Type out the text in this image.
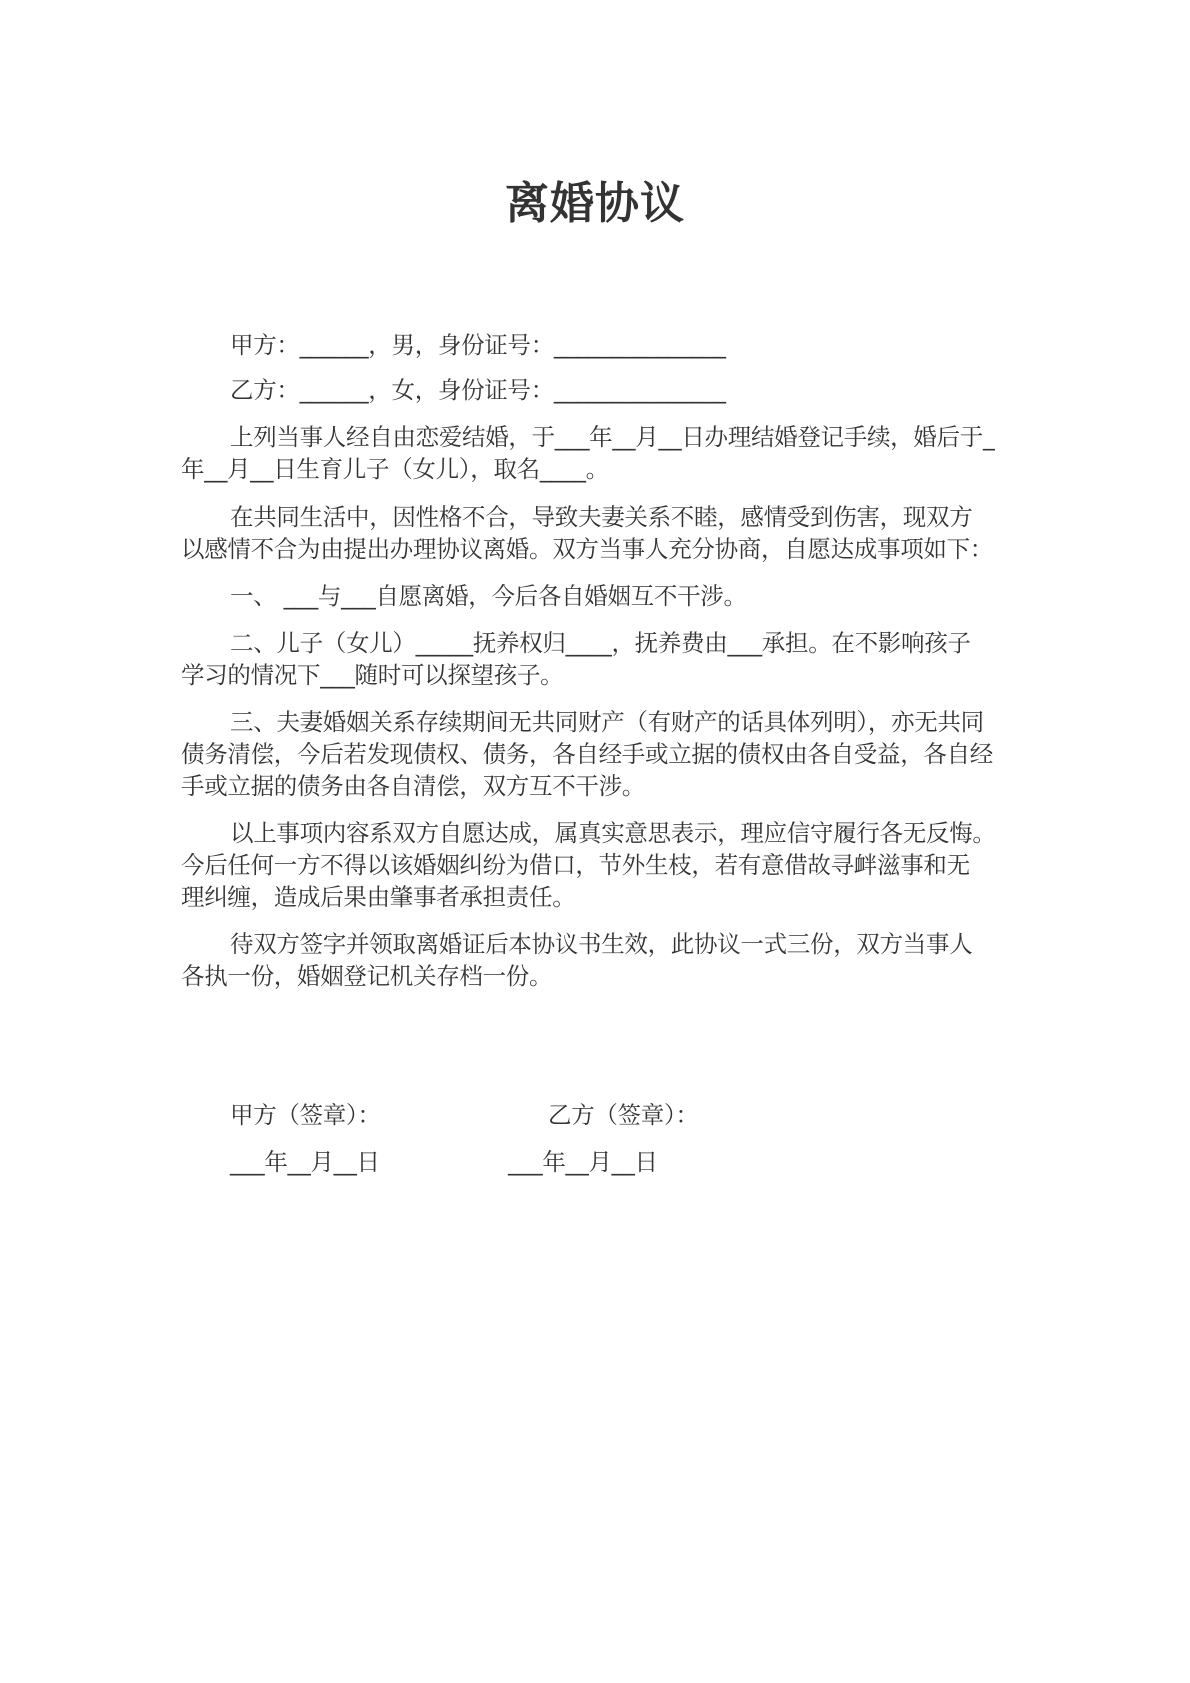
离婚协议
甲方：______，男，身份证号：_______________
乙方：______，女，身份证号：_______________
上列当事人经自由恋爱结婚，于___年__月__日办理结婚登记手续，婚后于_
年__月__日生育儿子（女儿），取名____。
在共同生活中，因性格不合，导致夫妻关系不睦，感情受到伤害，现双方
以感情不合为由提出办理协议离婚。双方当事人充分协商，自愿达成事项如下：
一、 ___与___自愿离婚，今后各自婚姻互不干涉。
二、儿子（女儿）_____抚养权归____，抚养费由___承担。在不影响孩子
学习的情况下___随时可以探望孩子。
三、夫妻婚姻关系存续期间无共同财产（有财产的话具体列明），亦无共同
债务清偿，今后若发现债权、债务，各自经手或立据的债权由各自受益，各自经
手或立据的债务由各自清偿，双方互不干涉。
以上事项内容系双方自愿达成，属真实意思表示，理应信守履行各无反悔。
今后任何一方不得以该婚姻纠纷为借口，节外生枝，若有意借故寻衅滋事和无
理纠缠，造成后果由肇事者承担责任。
待双方签字并领取离婚证后本协议书生效，此协议一式三份，双方当事人
各执一份，婚姻登记机关存档一份。
甲方（签章）：	乙方（签章）：
___年__月__日	___年__月__日
